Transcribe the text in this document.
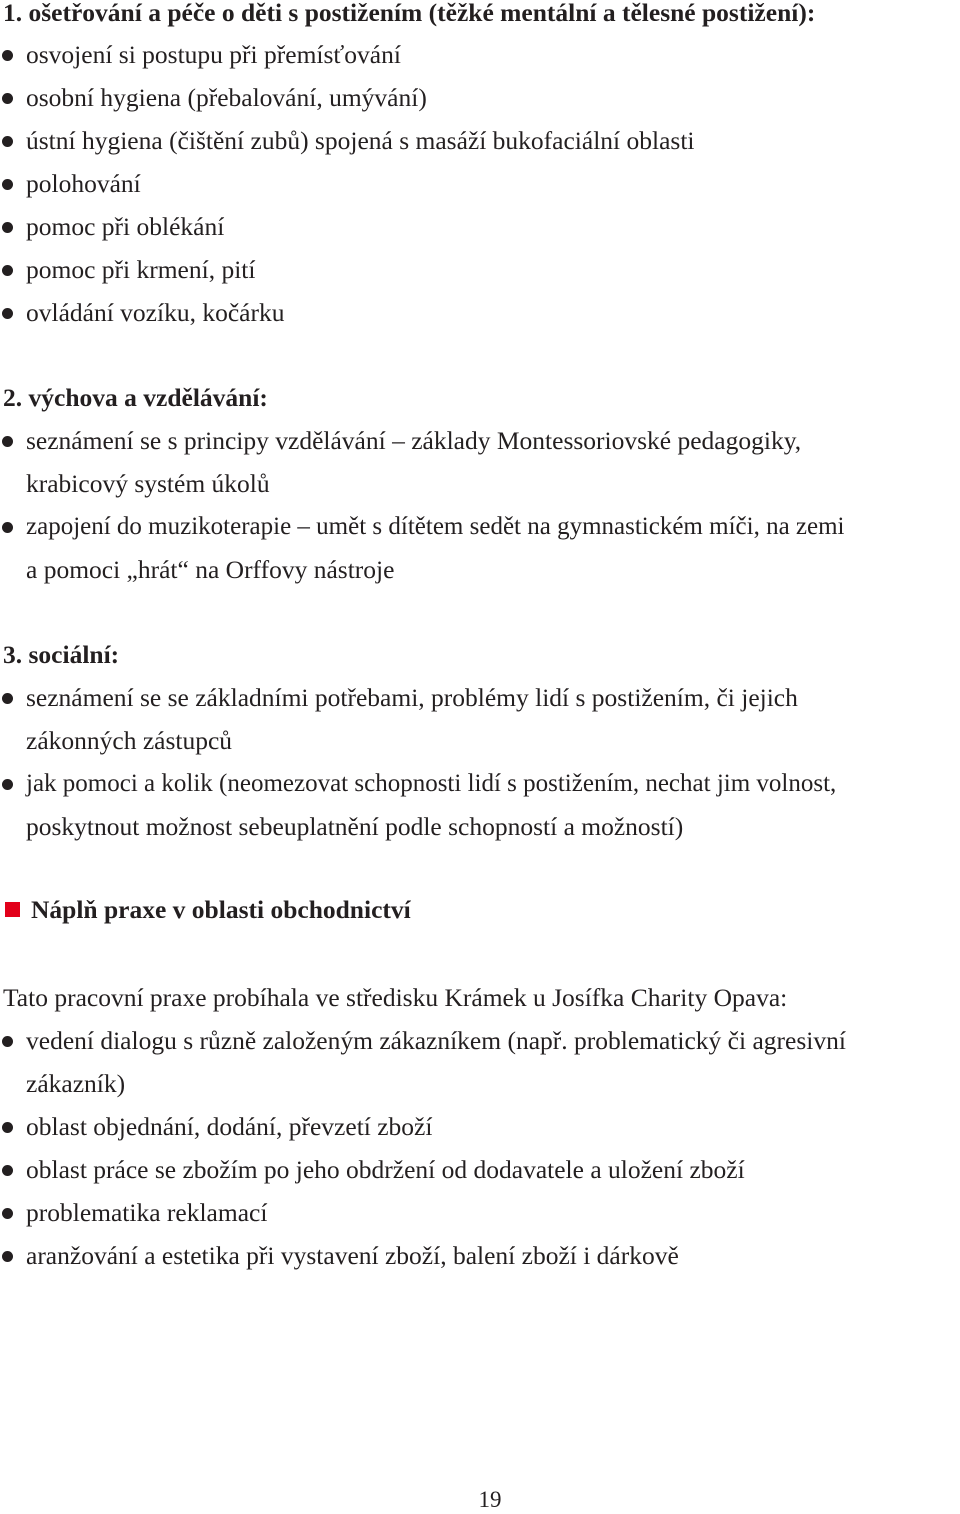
1. ošetřování a péče o děti s postižením (těžké mentální a tělesné postižení):
osvojení si postupu při přemísťování
osobní hygiena (přebalování, umývání)
ústní hygiena (čištění zubů) spojená s masáží bukofaciální oblasti
polohování
pomoc při oblékání
pomoc při krmení, pití
ovládání vozíku, kočárku
2. výchova a vzdělávání:
seznámení se s principy vzdělávání – základy Montessoriovské pedagogiky,
krabicový systém úkolů
zapojení do muzikoterapie – umět s dítětem sedět na gymnastickém míči, na zemi
a pomoci „hrát“ na Orffovy nástroje
3. sociální:
seznámení se se základními potřebami, problémy lidí s postižením, či jejich
zákonných zástupců
jak pomoci a kolik (neomezovat schopnosti lidí s postižením, nechat jim volnost,
poskytnout možnost sebeuplatnění podle schopností a možností)
Náplň praxe v oblasti obchodnictví
Tato pracovní praxe probíhala ve středisku Krámek u Josífka Charity Opava:
vedení dialogu s různě založeným zákazníkem (např. problematický či agresivní
zákazník)
oblast objednání, dodání, převzetí zboží
oblast práce se zbožím po jeho obdržení od dodavatele a uložení zboží
problematika reklamací
aranžování a estetika při vystavení zboží, balení zboží i dárkově
19
